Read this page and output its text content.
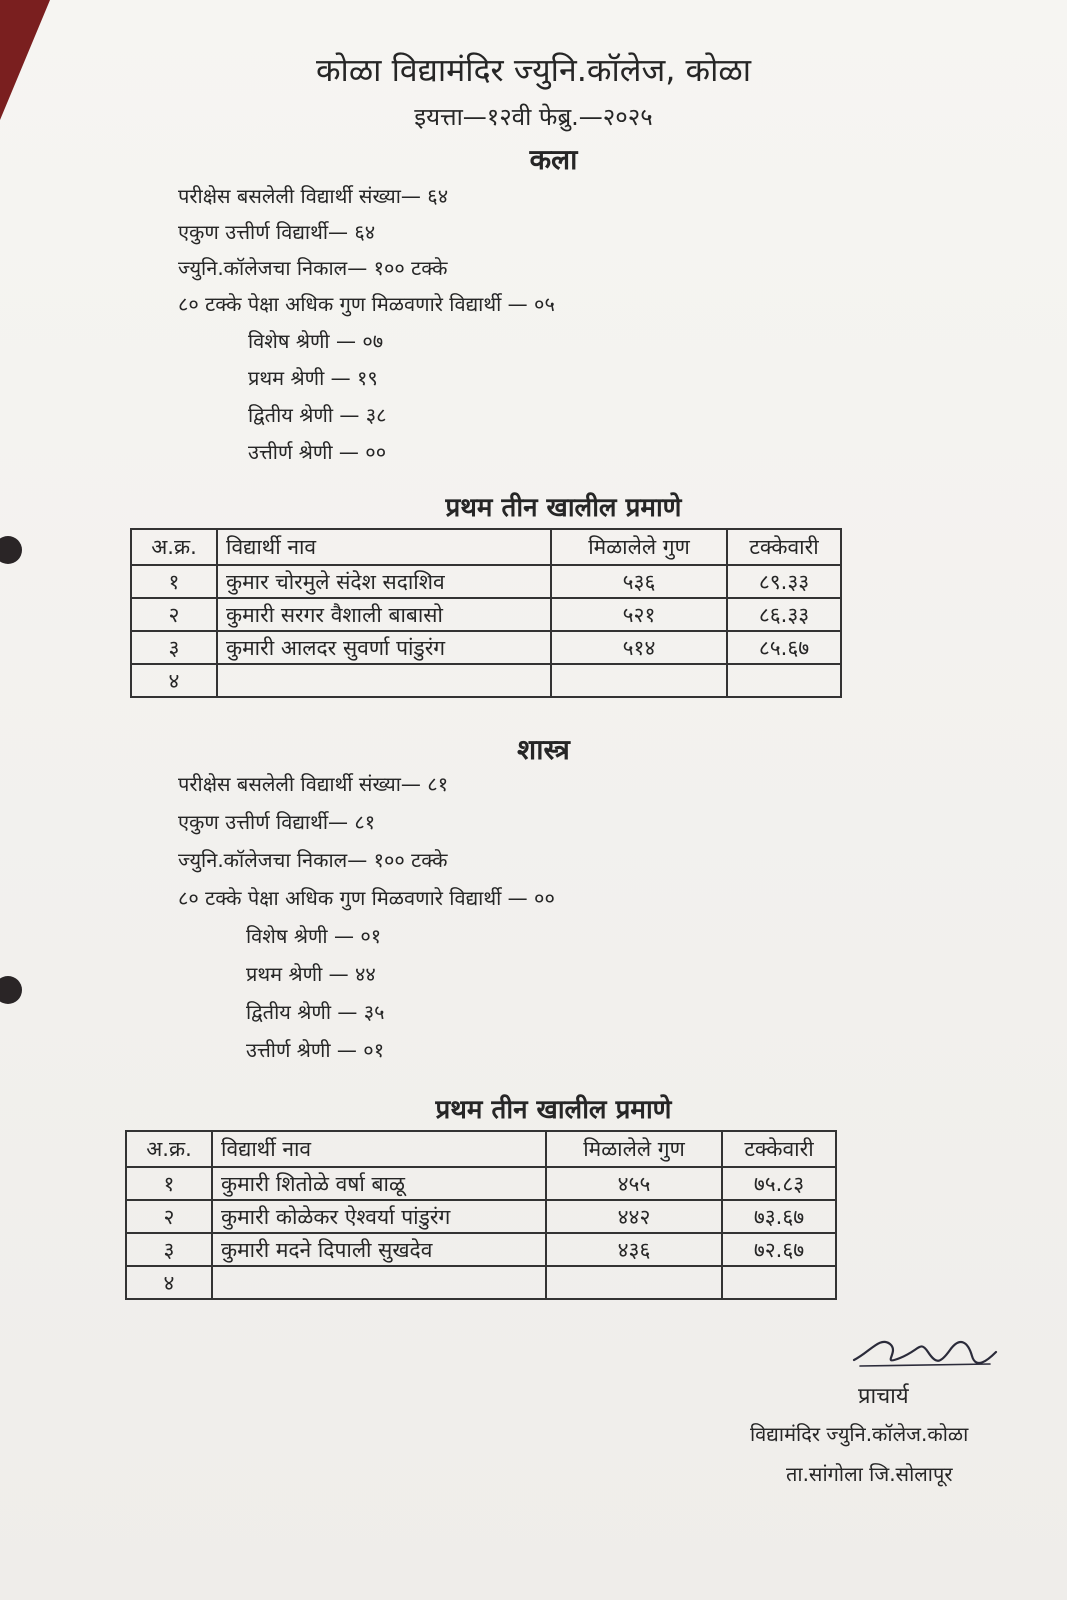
कोळा विद्यामंदिर ज्युनि.कॉलेज, कोळा
इयत्ता—१२वी फेब्रु.—२०२५
कला
परीक्षेस बसलेली विद्यार्थी संख्या— ६४
एकुण उत्तीर्ण विद्यार्थी— ६४
ज्युनि.कॉलेजचा निकाल— १०० टक्के
८० टक्के पेक्षा अधिक गुण मिळवणारे विद्यार्थी — ०५
विशेष श्रेणी — ०७
प्रथम श्रेणी — १९
द्वितीय श्रेणी — ३८
उत्तीर्ण श्रेणी — ००
प्रथम तीन खालील प्रमाणे
अ.क्र.	विद्यार्थी नाव	मिळालेले गुण	टक्केवारी
१	कुमार चोरमुले संदेश सदाशिव	५३६	८९.३३
२	कुमारी सरगर वैशाली बाबासो	५२१	८६.३३
३	कुमारी आलदर सुवर्णा पांडुरंग	५१४	८५.६७
४			
शास्त्र
परीक्षेस बसलेली विद्यार्थी संख्या— ८१
एकुण उत्तीर्ण विद्यार्थी— ८१
ज्युनि.कॉलेजचा निकाल— १०० टक्के
८० टक्के पेक्षा अधिक गुण मिळवणारे विद्यार्थी — ००
विशेष श्रेणी — ०१
प्रथम श्रेणी — ४४
द्वितीय श्रेणी — ३५
उत्तीर्ण श्रेणी — ०१
प्रथम तीन खालील प्रमाणे
अ.क्र.	विद्यार्थी नाव	मिळालेले गुण	टक्केवारी
१	कुमारी शितोळे वर्षा बाळू	४५५	७५.८३
२	कुमारी कोळेकर ऐश्वर्या पांडुरंग	४४२	७३.६७
३	कुमारी मदने दिपाली सुखदेव	४३६	७२.६७
४			
प्राचार्य
विद्यामंदिर ज्युनि.कॉलेज.कोळा
ता.सांगोला जि.सोलापूर
